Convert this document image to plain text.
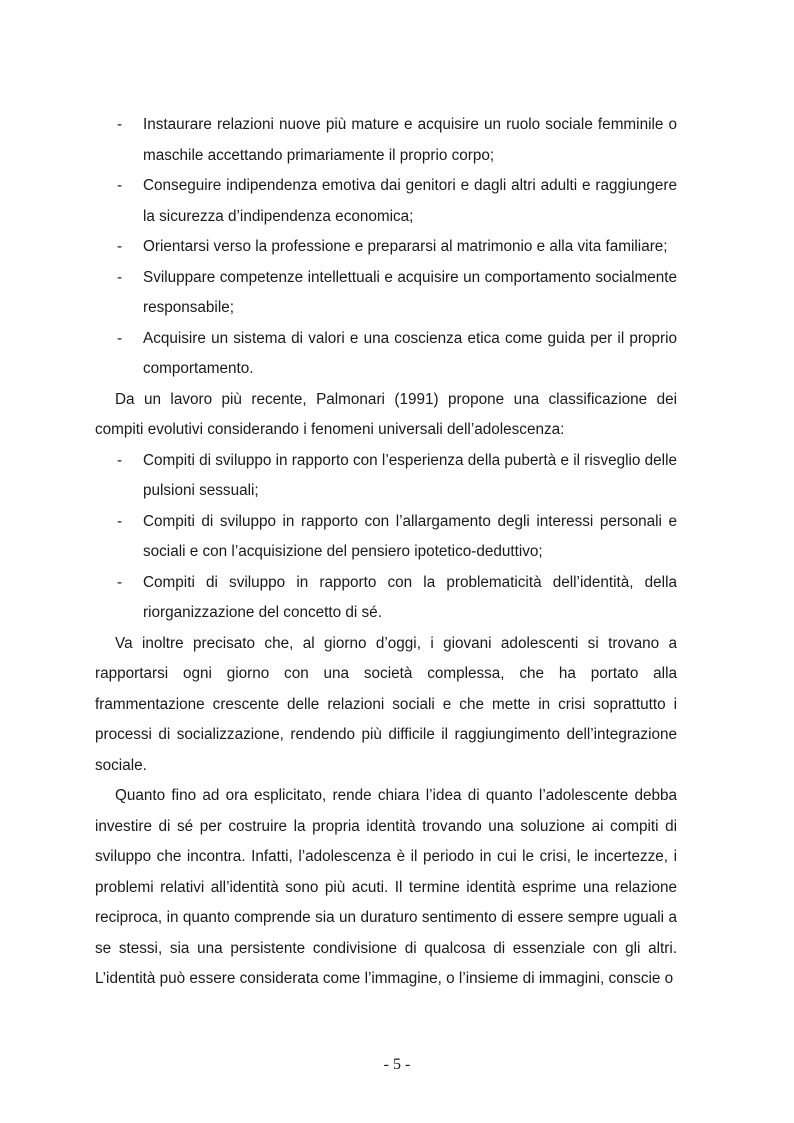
- Instaurare relazioni nuove più mature e acquisire un ruolo sociale femminile o maschile accettando primariamente il proprio corpo;

- Conseguire indipendenza emotiva dai genitori e dagli altri adulti e raggiungere la sicurezza d’indipendenza economica;

- Orientarsi verso la professione e prepararsi al matrimonio e alla vita familiare;

- Sviluppare competenze intellettuali e acquisire un comportamento socialmente responsabile;

- Acquisire un sistema di valori e una coscienza etica come guida per il proprio comportamento.

Da un lavoro più recente, Palmonari (1991) propone una classificazione dei compiti evolutivi considerando i fenomeni universali dell’adolescenza:

- Compiti di sviluppo in rapporto con l’esperienza della pubertà e il risveglio delle pulsioni sessuali;

- Compiti di sviluppo in rapporto con l’allargamento degli interessi personali e sociali e con l’acquisizione del pensiero ipotetico-deduttivo;

- Compiti di sviluppo in rapporto con la problematicità dell’identità, della riorganizzazione del concetto di sé.

Va inoltre precisato che, al giorno d’oggi, i giovani adolescenti si trovano a rapportarsi ogni giorno con una società complessa, che ha portato alla frammentazione crescente delle relazioni sociali e che mette in crisi soprattutto i processi di socializzazione, rendendo più difficile il raggiungimento dell’integrazione sociale.

Quanto fino ad ora esplicitato, rende chiara l’idea di quanto l’adolescente debba investire di sé per costruire la propria identità trovando una soluzione ai compiti di sviluppo che incontra. Infatti, l’adolescenza è il periodo in cui le crisi, le incertezze, i problemi relativi all’identità sono più acuti. Il termine identità esprime una relazione reciproca, in quanto comprende sia un duraturo sentimento di essere sempre uguali a se stessi, sia una persistente condivisione di qualcosa di essenziale con gli altri. L’identità può essere considerata come l’immagine, o l’insieme di immagini, conscie o

- 5 -
